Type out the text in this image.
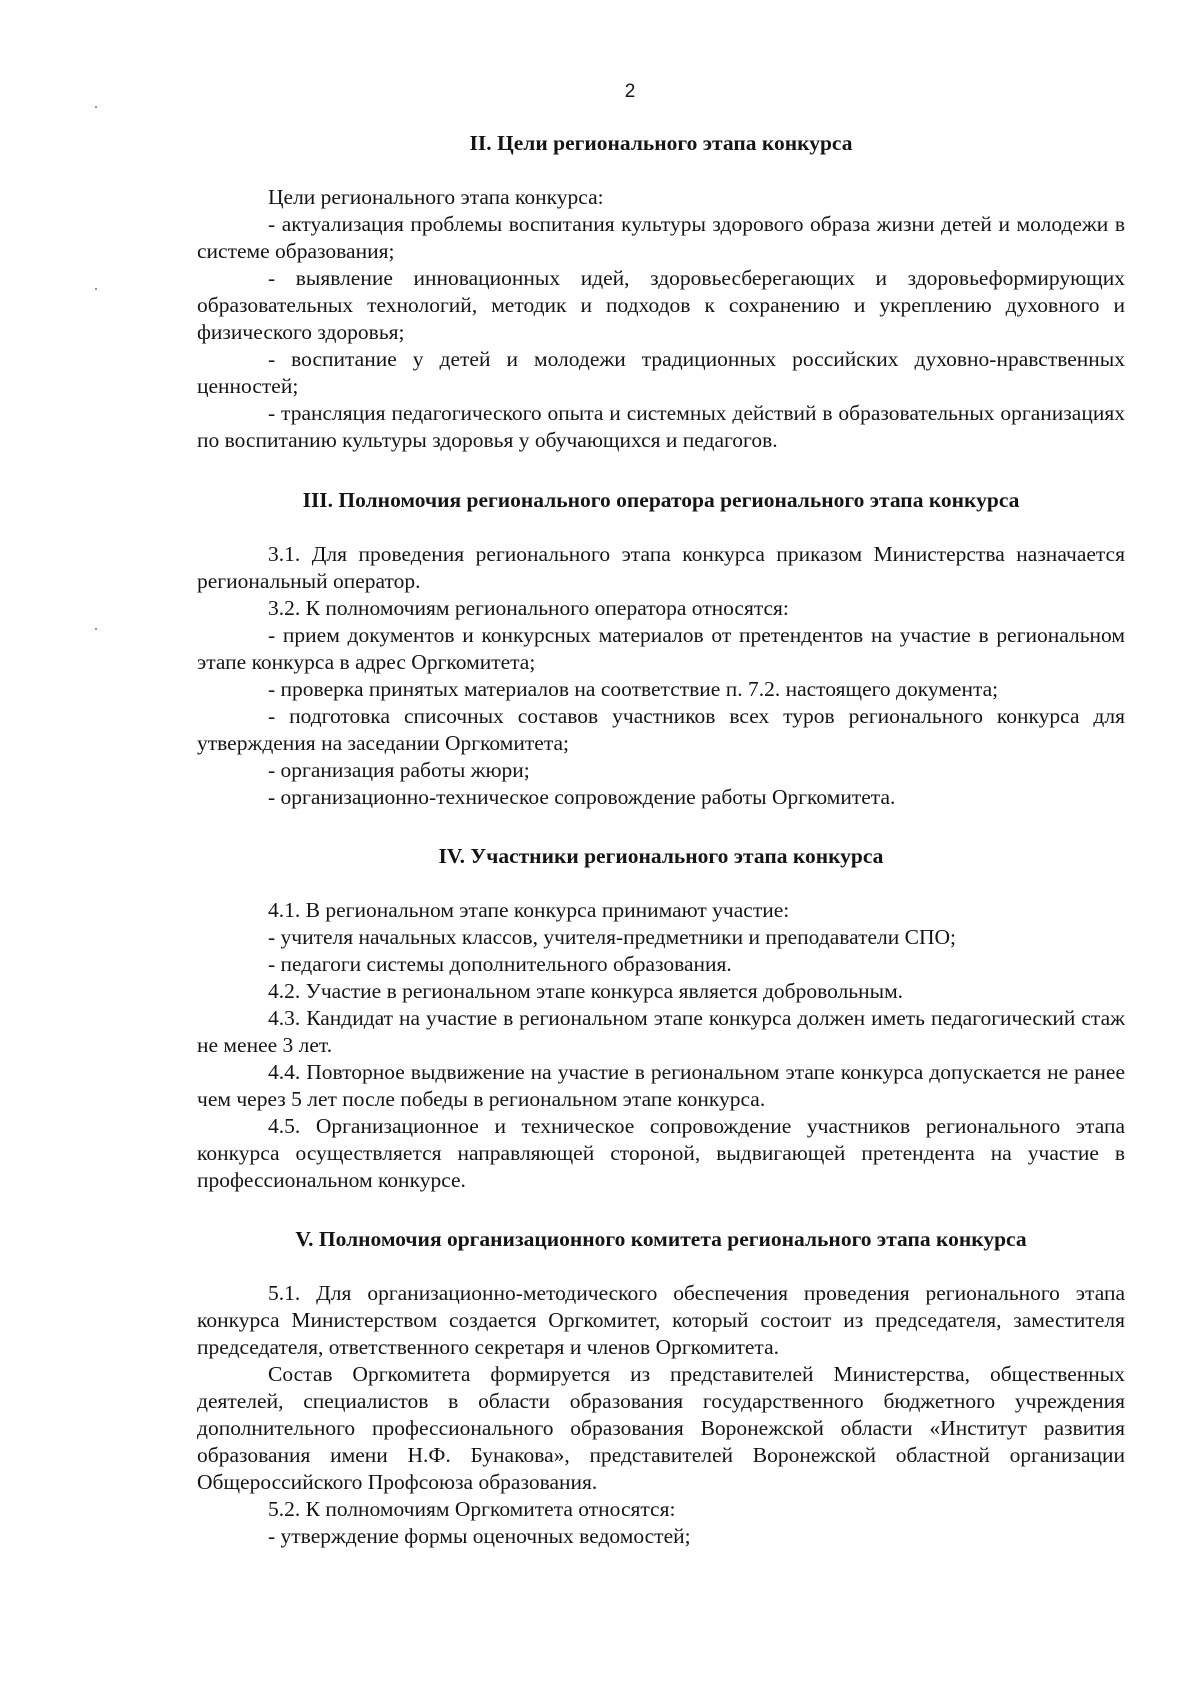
2
II. Цели регионального этапа конкурса

Цели регионального этапа конкурса:

- актуализация проблемы воспитания культуры здорового образа жизни детей и молодежи в системе образования;

- выявление инновационных идей, здоровьесберегающих и здоровьеформирующих образовательных технологий, методик и подходов к сохранению и укреплению духовного и физического здоровья;

- воспитание у детей и молодежи традиционных российских духовно-нравственных ценностей;

- трансляция педагогического опыта и системных действий в образовательных организациях по воспитанию культуры здоровья у обучающихся и педагогов.

III. Полномочия регионального оператора регионального этапа конкурса

3.1. Для проведения регионального этапа конкурса приказом Министерства назначается региональный оператор.

3.2. К полномочиям регионального оператора относятся:

- прием документов и конкурсных материалов от претендентов на участие в региональном этапе конкурса в адрес Оргкомитета;

- проверка принятых материалов на соответствие п. 7.2. настоящего документа;

- подготовка списочных составов участников всех туров регионального конкурса для утверждения на заседании Оргкомитета;

- организация работы жюри;

- организационно-техническое сопровождение работы Оргкомитета.

IV. Участники регионального этапа конкурса

4.1. В региональном этапе конкурса принимают участие:

- учителя начальных классов, учителя-предметники и преподаватели СПО;

- педагоги системы дополнительного образования.

4.2. Участие в региональном этапе конкурса является добровольным.

4.3. Кандидат на участие в региональном этапе конкурса должен иметь педагогический стаж не менее 3 лет.

4.4. Повторное выдвижение на участие в региональном этапе конкурса допускается не ранее чем через 5 лет после победы в региональном этапе конкурса.

4.5. Организационное и техническое сопровождение участников регионального этапа конкурса осуществляется направляющей стороной, выдвигающей претендента на участие в профессиональном конкурсе.

V. Полномочия организационного комитета регионального этапа конкурса

5.1. Для организационно-методического обеспечения проведения регионального этапа конкурса Министерством создается Оргкомитет, который состоит из председателя, заместителя председателя, ответственного секретаря и членов Оргкомитета.

Состав Оргкомитета формируется из представителей Министерства, общественных деятелей, специалистов в области образования государственного бюджетного учреждения дополнительного профессионального образования Воронежской области «Институт развития образования имени Н.Ф. Бунакова», представителей Воронежской областной организации Общероссийского Профсоюза образования.

5.2. К полномочиям Оргкомитета относятся:

- утверждение формы оценочных ведомостей;
